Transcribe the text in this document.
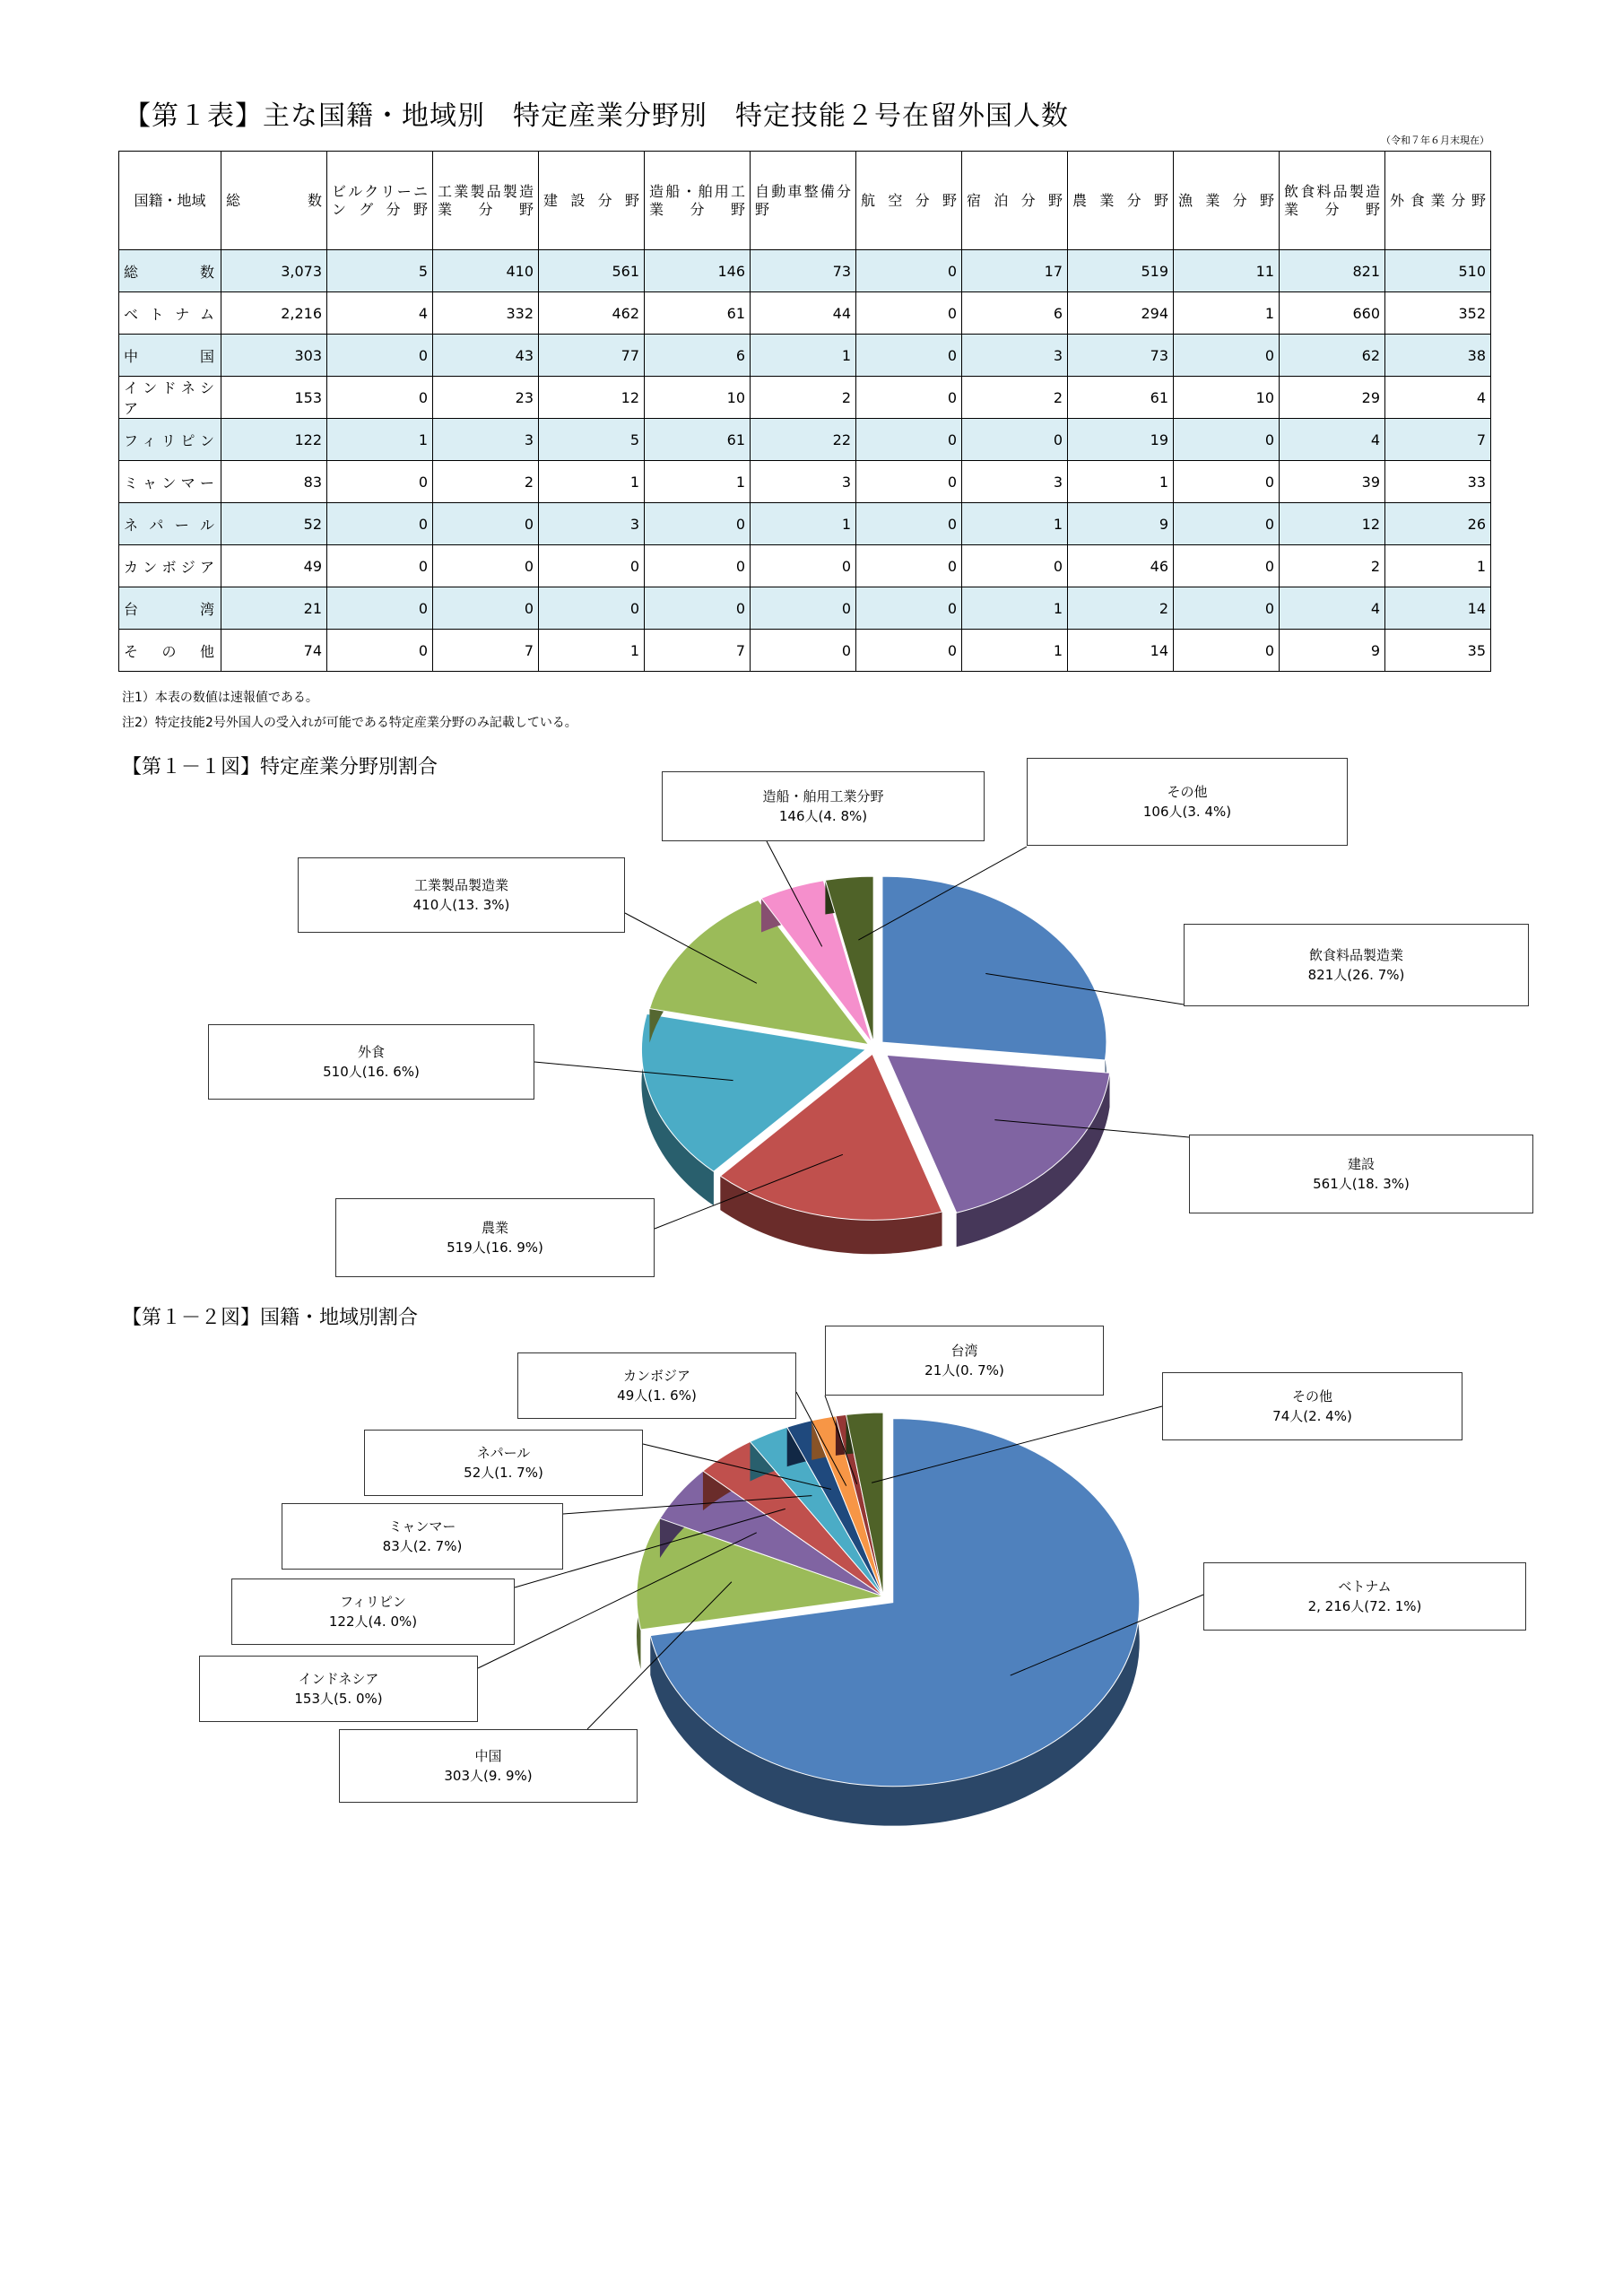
【第１表】主な国籍・地域別　特定産業分野別　特定技能２号在留外国人数
（令和７年６月末現在）
国籍・地域	総　　数	ビルクリーニング分野	工業製品製造業分野	建設分野	造船・舶用工業分野	自動車整備分野	航空分野	宿泊分野	農業分野	漁業分野	飲食料品製造業分野	外食業分野

総　　数	3,073	5	410	561	146	73	0	17	519	11	821	510
ベトナム	2,216	4	332	462	61	44	0	6	294	1	660	352
中　　国	303	0	43	77	6	1	0	3	73	0	62	38
インドネシア	153	0	23	12	10	2	0	2	61	10	29	4
フィリピン	122	1	3	5	61	22	0	0	19	0	4	7
ミャンマー	83	0	2	1	1	3	0	3	1	0	39	33
ネパール	52	0	0	3	0	1	0	1	9	0	12	26
カンボジア	49	0	0	0	0	0	0	0	46	0	2	1
台　　湾	21	0	0	0	0	0	0	1	2	0	4	14
そ の 他	74	0	7	1	7	0	0	1	14	0	9	35
注1）本表の数値は速報値である。
注2）特定技能2号外国人の受入れが可能である特定産業分野のみ記載している。
【第１－１図】特定産業分野別割合
【第１－２図】国籍・地域別割合
飲食料品製造業
821人(26. 7%)
建設
561人(18. 3%)
農業
519人(16. 9%)
外食
510人(16. 6%)
工業製品製造業
410人(13. 3%)
造船・舶用工業分野
146人(4. 8%)
その他
106人(3. 4%)
ベトナム
2, 216人(72. 1%)
中国
303人(9. 9%)
インドネシア
153人(5. 0%)
フィリピン
122人(4. 0%)
ミャンマー
83人(2. 7%)
ネパール
52人(1. 7%)
カンボジア
49人(1. 6%)
台湾
21人(0. 7%)
その他
74人(2. 4%)
